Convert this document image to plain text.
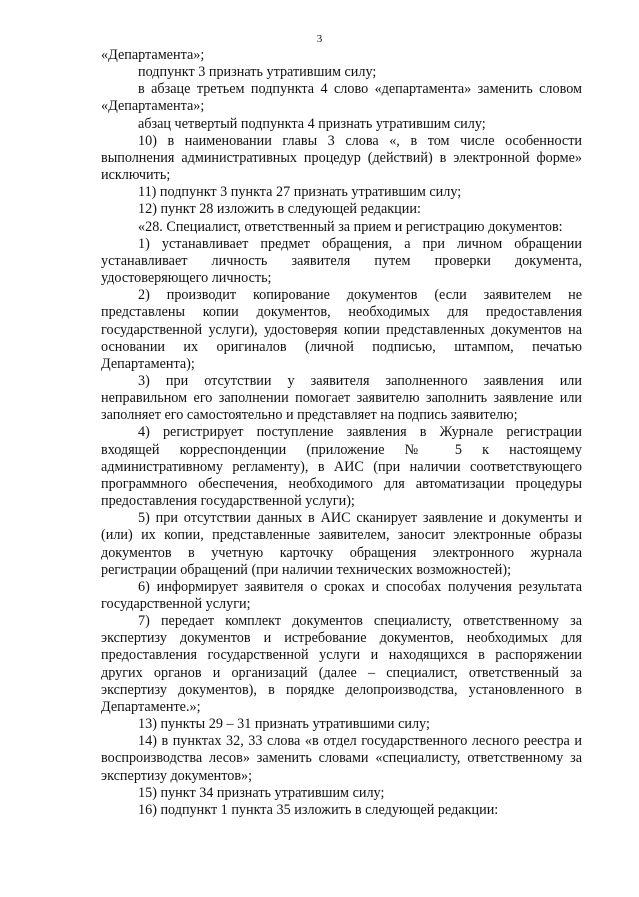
3

«Департамента»;

подпункт 3 признать утратившим силу;

в абзаце третьем подпункта 4 слово «департамента» заменить словом «Департамента»;

абзац четвертый подпункта 4 признать утратившим силу;

10) в наименовании главы 3 слова «, в том числе особенности выполнения административных процедур (действий) в электронной форме» исключить;

11) подпункт 3 пункта 27 признать утратившим силу;

12) пункт 28 изложить в следующей редакции:

«28. Специалист, ответственный за прием и регистрацию документов:

1) устанавливает предмет обращения, а при личном обращении устанавливает личность заявителя путем проверки документа, удостоверяющего личность;

2) производит копирование документов (если заявителем не представлены копии документов, необходимых для предоставления государственной услуги), удостоверяя копии представленных документов на основании их оригиналов (личной подписью, штампом, печатью Департамента);

3) при отсутствии у заявителя заполненного заявления или неправильном его заполнении помогает заявителю заполнить заявление или заполняет его самостоятельно и представляет на подпись заявителю;

4) регистрирует поступление заявления в Журнале регистрации входящей корреспонденции (приложение № 5 к настоящему административному регламенту), в АИС (при наличии соответствующего программного обеспечения, необходимого для автоматизации процедуры предоставления государственной услуги);

5) при отсутствии данных в АИС сканирует заявление и документы и (или) их копии, представленные заявителем, заносит электронные образы документов в учетную карточку обращения электронного журнала регистрации обращений (при наличии технических возможностей);

6) информирует заявителя о сроках и способах получения результата государственной услуги;

7) передает комплект документов специалисту, ответственному за экспертизу документов и истребование документов, необходимых для предоставления государственной услуги и находящихся в распоряжении других органов и организаций (далее – специалист, ответственный за экспертизу документов), в порядке делопроизводства, установленного в Департаменте.»;

13) пункты 29 – 31 признать утратившими силу;

14) в пунктах 32, 33 слова «в отдел государственного лесного реестра и воспроизводства лесов» заменить словами «специалисту, ответственному за экспертизу документов»;

15) пункт 34 признать утратившим силу;

16) подпункт 1 пункта 35 изложить в следующей редакции:
